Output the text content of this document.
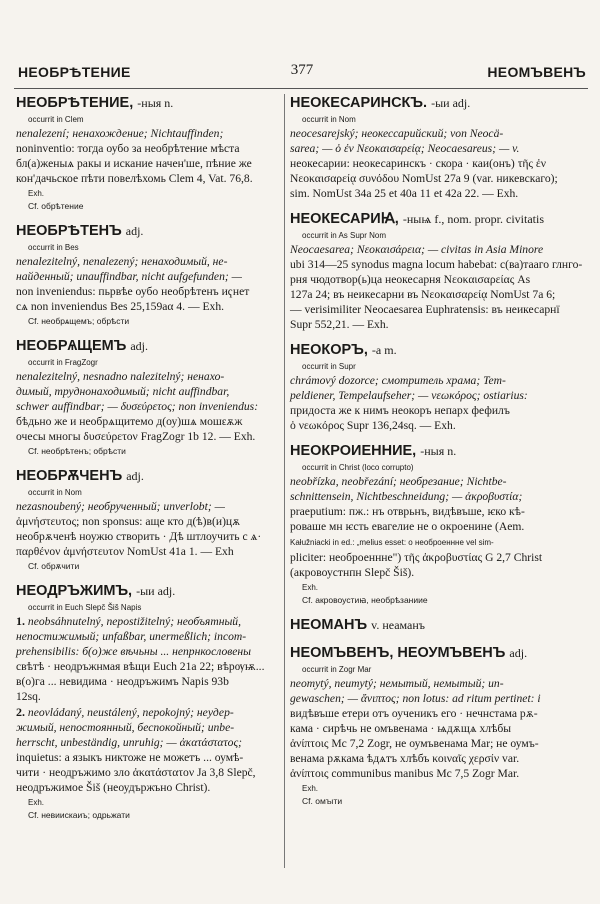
НЕОБРѢТЕНИЕ	377	НЕОМЪВЕНЪ
НЕОБРѢТЕНИЕ, -ныя n.
occurrit in Clem
nenalezení; ненахождение; Nichtauffinden;
noninventio: тогда оубо за необрѣтение мѣста
бл(а)женыѧ ракы и искание начен'ше, пѣние же
кон'дачьское пѣти повелѣхомь Clem 4, Vat. 76,8.
Exh.
Cf. обрѣтение
НЕОБРѢТЕНЪ adj.
occurrit in Bes
nenalezitelný, nenalezený; ненаходимый, не-
найденный; unauffindbar, nicht aufgefunden; —
non inveniendus: пьрвѣе оубо необрѣтенъ иҁнет
сѧ non inveniendus Bes 25,159aα 4. — Exh.
Cf. необрѧщемъ; обрѣсти
НЕОБРѦЩЕМЪ adj.
occurrit in FragZogr
nenalezitelný, nesnadno nalezitelný; ненахо-
димый, труднонаходимый; nicht auffindbar,
schwer auffindbar; — δυσεύρετος; non inveniendus:
бѣдьно же и необрѧщитемо д(оу)шѧ мошԑѫж
очесы многы δυσεύρετον FragZogr 1b 12. — Exh.
Cf. необрѣтенъ; обрѣсти
НЕОБРѪЧЕНЪ adj.
occurrit in Nom
nezasnoubený; необрученный; unverlobt; —
ἀμνήστευτος; non sponsus: аще кто д(ѣ)в(и)цѫ
необрѫченѣ ноужю створить · Дѣ штлоучить с ѧ·
παρθένον ἀμνήστευτον NomUst 41a 1. — Exh
Cf. обрѫчити
НЕОДРЪЖИМЪ, -ыи adj.
occurrit in Euch Slepč Šiš Napis
1. neobsáhnutelný, nepostižitelný; необъятный,
непостижимый; unfaßbar, unermeßlich; incom-
prehensibilis: б(о)жe вѣчьны ... непрнкословены
свѣтѣ · неодръжнмая вѣщи Euch 21a 22; вѣрѹѭ...
в(о)га ... невидима · неодръжимъ Napis 93b
12sq.
2. neovládaný, neustálený, nepokojný; неудер-
жимый, непостоянный, беспокойный; unbe-
herrscht, unbeständig, unruhig; — ἀκατάστατος;
inquietus: а языкъ никтоже не можетъ ... оумѣ-
чити · неодръжимо зло ἀκατάστατον Ja 3,8 Slepč,
неодръжимое Šiš (неоудържъно Christ).
Exh.
Cf. невиискаиъ; одрьжати
НЕОКЕСАРИНСКЪ. -ыи adj.
occurrit in Nom
neocesarejský; неокессарийский; von Neocä-
sarea; — ὁ ἐν Νεοκαισαρείᾳ; Neocaesareus; — v.
неокесарии: неокесаринскъ · скора · каи(онъ) τῆς ἐν
Νεοκαισαρείᾳ συνόδου NomUst 27a 9 (var. никевскаго);
sim. NomUst 34a 25 et 40a 11 et 42a 22. — Exh.
НЕОКЕСАРИꙖ, -ныѩ f., nom. propr. civitatis
occurrit in As Supr Nom
Neocaesarea; Νεοκαισάρεια; — civitas in Asia Minore
ubi 314—25 synodus magna locum habebat: с(ва)тааго глнго-
рня чюдотвор(ь)ца неокесарня Νεοκαισαρείας As
127a 24; въ неикесарни въ Νεοκαισαρείᾳ NomUst 7a 6;
— verisimiliter Neocaesarea Euphratensis: въ неикесарнї
Supr 552,21. — Exh.
НЕОКОРЪ, -а m.
occurrit in Supr
chrámový dozorce; смотритель храма; Tem-
peldiener, Tempelaufseher; — νεωκόρος; ostiarius:
придоста же к нимъ неокоръ непарх фефилъ
ὁ νεωκόρος Supr 136,24sq. — Exh.
НЕОКРОИЕННИЕ, -ныя n.
occurrit in Christ (loco corrupto)
neobřízka, neobřezání; необрезание; Nichtbe-
schnittensein, Nichtbeschneidung; — ἀκροβυστία;
praeputium: пж.: нъ отврьнъ, видѣвъше, ѥко кѣ-
роваше мн ѥсть евагелие не о окроенине (Aem.
Kałužniacki in ed.: „melius esset: о необроеннне vel sim-
pliciter: необроеннне") τῆς ἀκροβυστίας G 2,7 Christ
(акровоустнпн Slepč Šiš).
Exh.
Cf. акровоустиꙗ, необрѣзаниие
НЕОМАНЪ v. неаманъ
НЕОМЪВЕНЪ, НЕОУМЪВЕНЪ adj.
occurrit in Zogr Mar
neomytý, neumytý; немытый, немытый; un-
gewaschen; — ἄνιπτος; non lotus: ad ritum pertinet: і
видѣвъше етери отъ оученикъ его · нечнстама рѫ-
кама · сирѣчь не омъвенама · ѩдѫщѧ хлѣбы
ἀνίπτοις Mc 7,2 Zogr, не оумъвенама Mar; не оумъ-
венама рѫкама ѣдѧтъ хлѣбъ κοιναῖς χερσίν var.
ἀνίπτοις communibus manibus Mc 7,5 Zogr Mar.
Exh.
Cf. омꙑти
